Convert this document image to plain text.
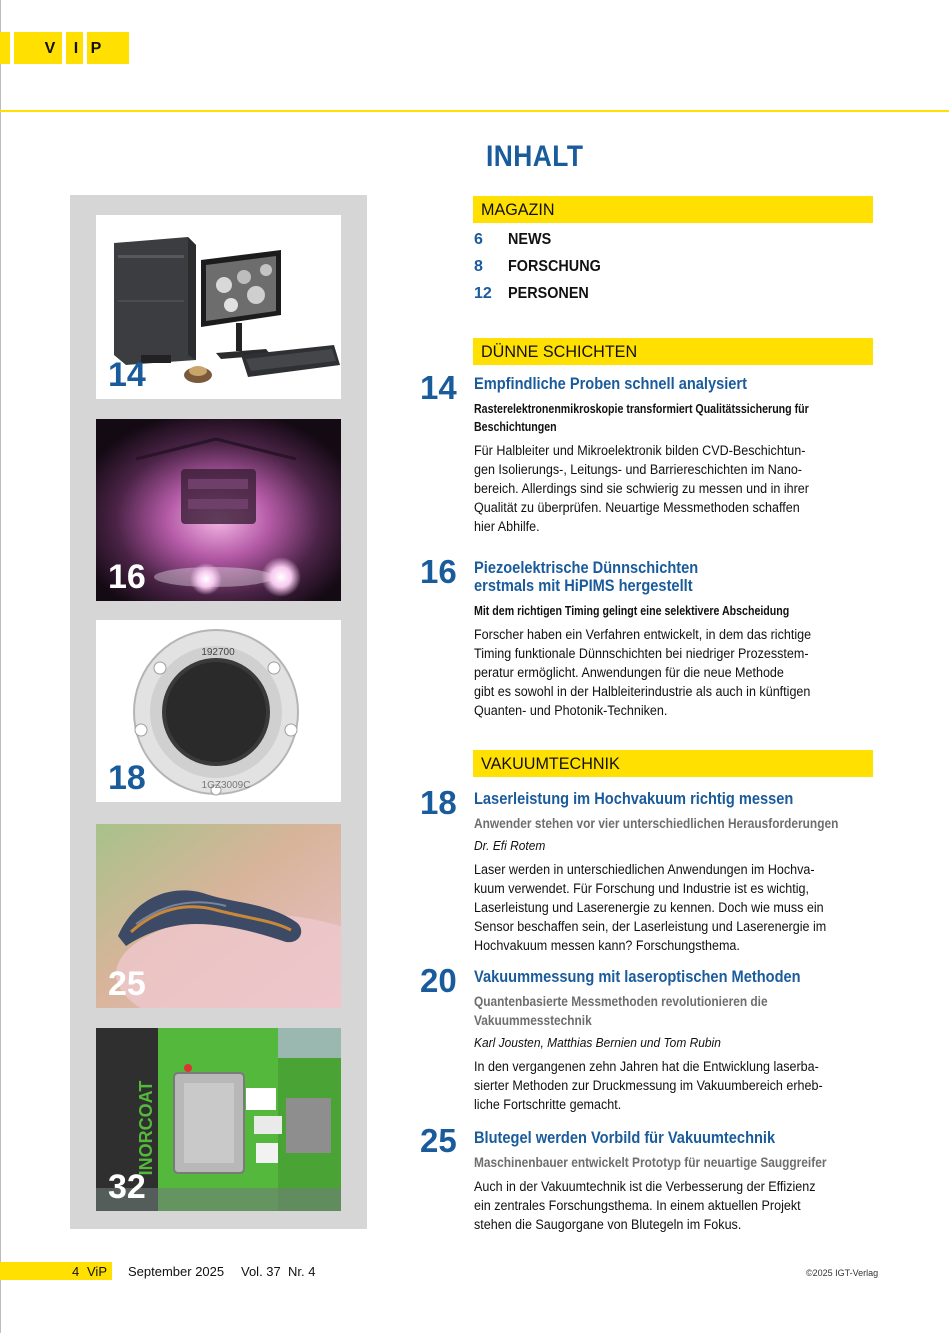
V	I P
INHALT
14
16
192700
1GZ3009C
18
25
INORCOAT
32
MAGAZIN
6 NEWS
8 FORSCHUNG
12 PERSONEN
DÜNNE SCHICHTEN
14 Empfindliche Proben schnell analysiert
Rasterelektronenmikroskopie transformiert Qualitätssicherung für
Beschichtungen
Für Halbleiter und Mikroelektronik bilden CVD-Beschichtun-
gen Isolierungs-, Leitungs- und Barriereschichten im Nano-
bereich. Allerdings sind sie schwierig zu messen und in ihrer
Qualität zu überprüfen. Neuartige Messmethoden schaffen
hier Abhilfe.
16 Piezoelektrische Dünnschichten
erstmals mit HiPIMS hergestellt
Mit dem richtigen Timing gelingt eine selektivere Abscheidung
Forscher haben ein Verfahren entwickelt, in dem das richtige
Timing funktionale Dünnschichten bei niedriger Prozesstem-
peratur ermöglicht. Anwendungen für die neue Methode
gibt es sowohl in der Halbleiterindustrie als auch in künftigen
Quanten- und Photonik-Techniken.
VAKUUMTECHNIK
18 Laserleistung im Hochvakuum richtig messen
Anwender stehen vor vier unterschiedlichen Herausforderungen
Dr. Efi Rotem
Laser werden in unterschiedlichen Anwendungen im Hochva-
kuum verwendet. Für Forschung und Industrie ist es wichtig,
Laserleistung und Laserenergie zu kennen. Doch wie muss ein
Sensor beschaffen sein, der Laserleistung und Laserenergie im
Hochvakuum messen kann? Forschungsthema.
20 Vakuummessung mit laseroptischen Methoden
Quantenbasierte Messmethoden revolutionieren die
Vakuummesstechnik
Karl Jousten, Matthias Bernien und Tom Rubin
In den vergangenen zehn Jahren hat die Entwicklung laserba-
sierter Methoden zur Druckmessung im Vakuumbereich erheb-
liche Fortschritte gemacht.
25 Blutegel werden Vorbild für Vakuumtechnik
Maschinenbauer entwickelt Prototyp für neuartige Sauggreifer
Auch in der Vakuumtechnik ist die Verbesserung der Effizienz
ein zentrales Forschungsthema. In einem aktuellen Projekt
stehen die Saugorgane von Blutegeln im Fokus.
4 ViP September 2025 Vol. 37 Nr. 4	©2025 IGT-Verlag
